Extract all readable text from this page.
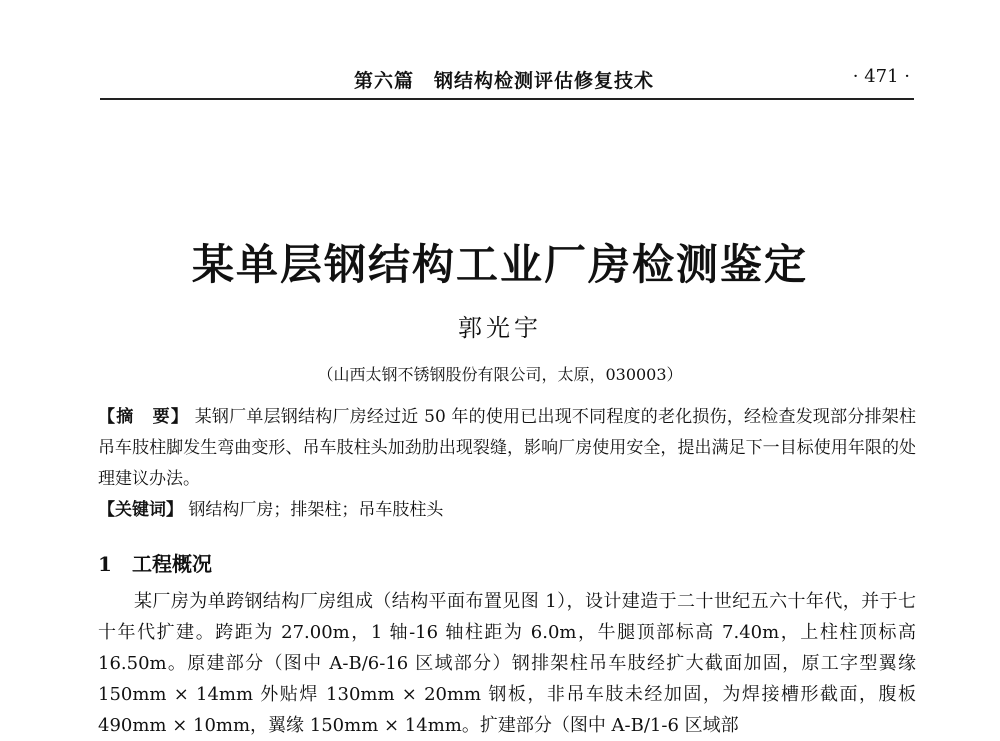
第六篇　钢结构检测评估修复技术	· 471 ·
某单层钢结构工业厂房检测鉴定
郭光宇
（山西太钢不锈钢股份有限公司，太原，030003）
【摘　要】 某钢厂单层钢结构厂房经过近 50 年的使用已出现不同程度的老化损伤，经检查发现部分排架柱吊车肢柱脚发生弯曲变形、吊车肢柱头加劲肋出现裂缝，影响厂房使用安全，提出满足下一目标使用年限的处理建议办法。
【关键词】 钢结构厂房；排架柱；吊车肢柱头
1 工程概况
某厂房为单跨钢结构厂房组成（结构平面布置见图 1），设计建造于二十世纪五六十年代，并于七十年代扩建。跨距为 27.00m，1 轴-16 轴柱距为 6.0m，牛腿顶部标高 7.40m，上柱柱顶标高 16.50m。原建部分（图中 A-B/6-16 区域部分）钢排架柱吊车肢经扩大截面加固，原工字型翼缘 150mm × 14mm 外贴焊 130mm × 20mm 钢板，非吊车肢未经加固，为焊接槽形截面，腹板 490mm × 10mm，翼缘 150mm × 14mm。扩建部分（图中 A-B/1-6 区域部
